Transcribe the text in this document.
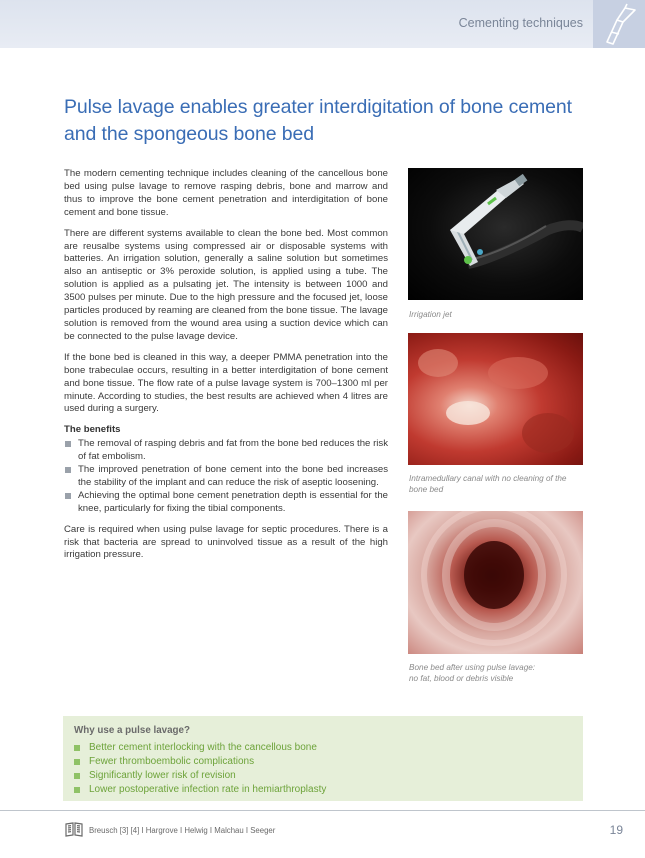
Cementing techniques
Pulse lavage enables greater interdigitation of bone cement and the spongeous bone bed

The modern cementing technique includes cleaning of the cancellous bone bed using pulse lavage to remove rasping debris, bone and marrow and thus to improve the bone cement penetration and interdigitation of bone cement and bone tissue.

There are different systems available to clean the bone bed. Most common are reusalbe systems using compressed air or disposable systems with batteries. An irrigation solution, generally a saline solution but sometimes also an antiseptic or 3% peroxide solution, is applied using a tube. The solution is applied as a pulsating jet. The intensity is between 1000 and 3500 pulses per minute. Due to the high pressure and the focused jet, loose particles produced by reaming are cleaned from the bone tissue. The lavage solution is removed from the wound area using a suction device which can be connected to the pulse lavage device.

If the bone bed is cleaned in this way, a deeper PMMA penetration into the bone trabeculae occurs, resulting in a better interdigitation of bone cement and bone tissue. The flow rate of a pulse lavage system is 700–1300 ml per minute. According to studies, the best results are achieved when 4 litres are used during a surgery.

The benefits
The removal of rasping debris and fat from the bone bed reduces the risk of fat embolism.
The improved penetration of bone cement into the bone bed increases the stability of the implant and can reduce the risk of aseptic loosening.
Achieving the optimal bone cement penetration depth is essential for the knee, particularly for fixing the tibial components.

Care is required when using pulse lavage for septic procedures. There is a risk that bacteria are spread to uninvolved tissue as a result of the high irrigation pressure.

Irrigation jet
Intramedullary canal with no cleaning of the bone bed
Bone bed after using pulse lavage:
no fat, blood or debris visible
Why use a pulse lavage?
Better cement interlocking with the cancellous bone
Fewer thromboembolic complications
Significantly lower risk of revision
Lower postoperative infection rate in hemiarthroplasty
Breusch [3] [4] I Hargrove I Helwig I Malchau I Seeger	19
